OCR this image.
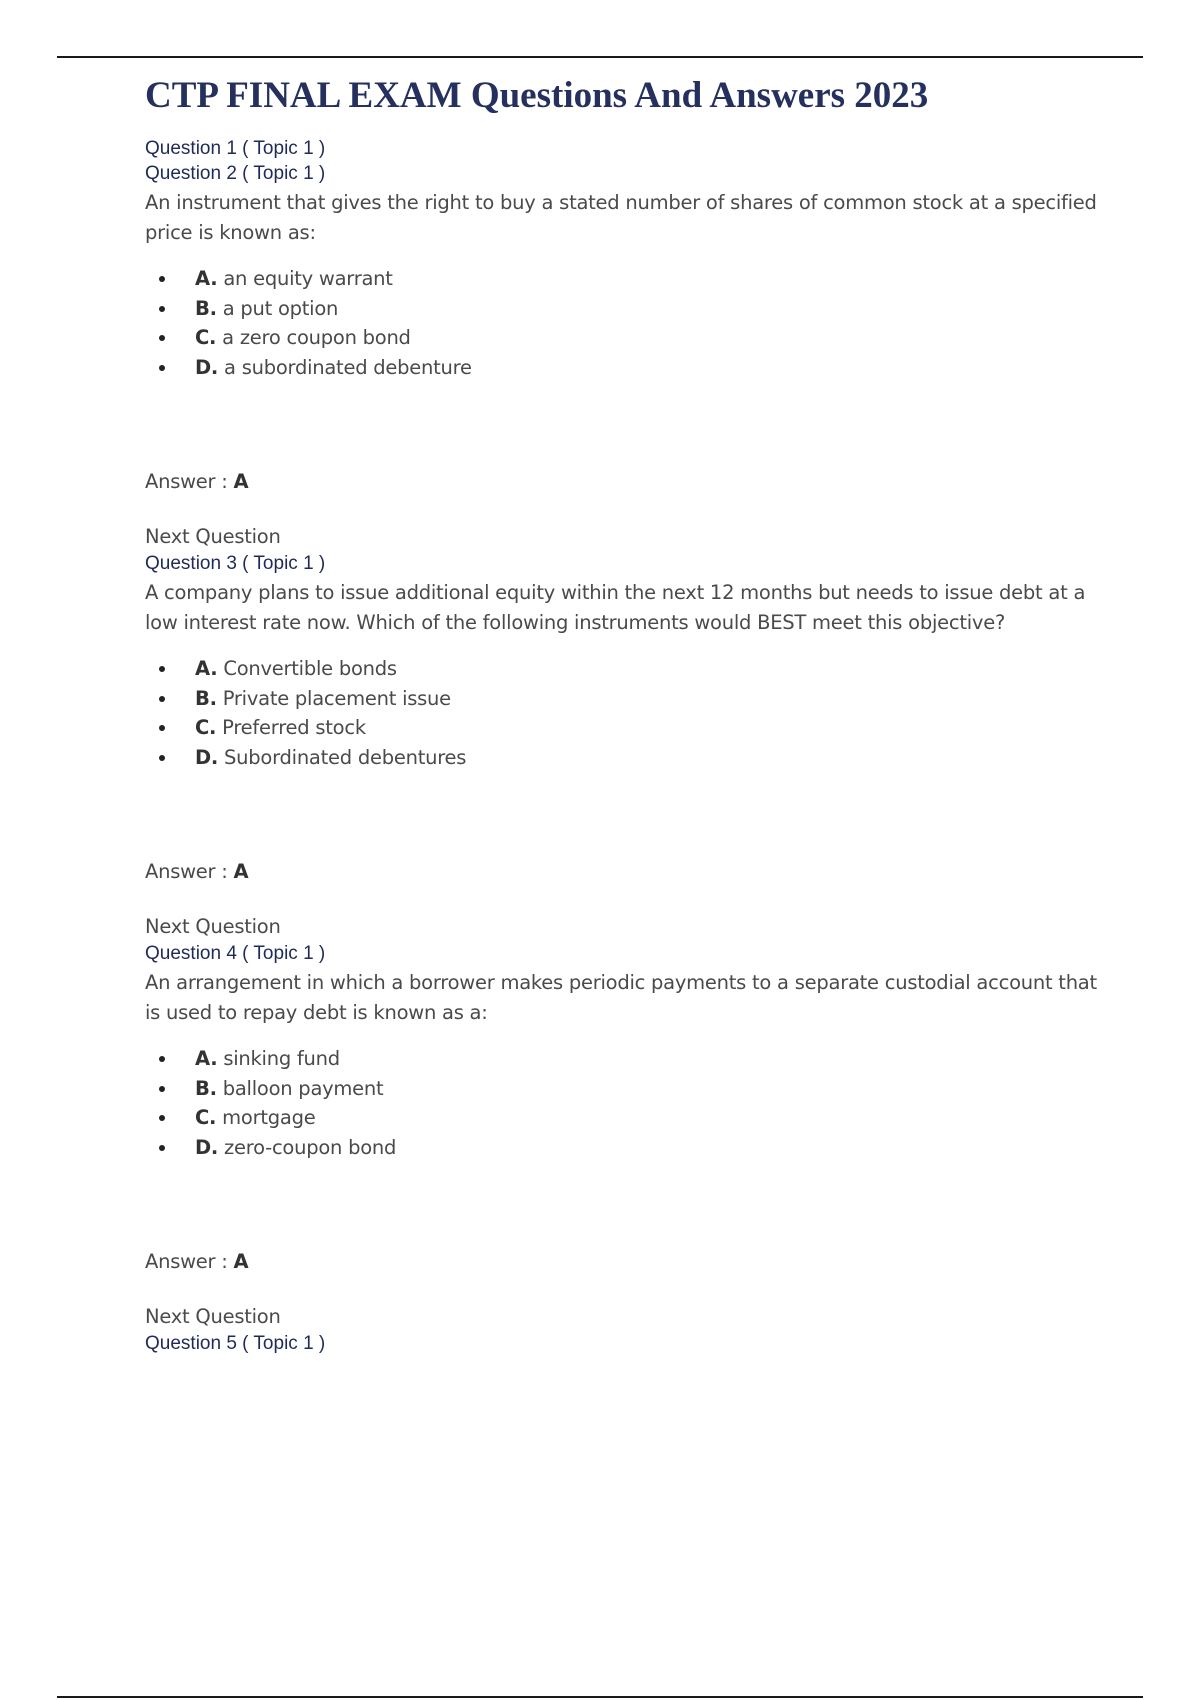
CTP FINAL EXAM Questions And Answers 2023
Question 1 ( Topic 1 )
Question 2 ( Topic 1 )

An instrument that gives the right to buy a stated number of shares of common stock at a specified price is known as:

A. an equity warrant
B. a put option
C. a zero coupon bond
D. a subordinated debenture
Answer : A
Next Question
Question 3 ( Topic 1 )

A company plans to issue additional equity within the next 12 months but needs to issue debt at a low interest rate now. Which of the following instruments would BEST meet this objective?

A. Convertible bonds
B. Private placement issue
C. Preferred stock
D. Subordinated debentures
Answer : A
Next Question
Question 4 ( Topic 1 )

An arrangement in which a borrower makes periodic payments to a separate custodial account that is used to repay debt is known as a:

A. sinking fund
B. balloon payment
C. mortgage
D. zero-coupon bond
Answer : A
Next Question
Question 5 ( Topic 1 )
